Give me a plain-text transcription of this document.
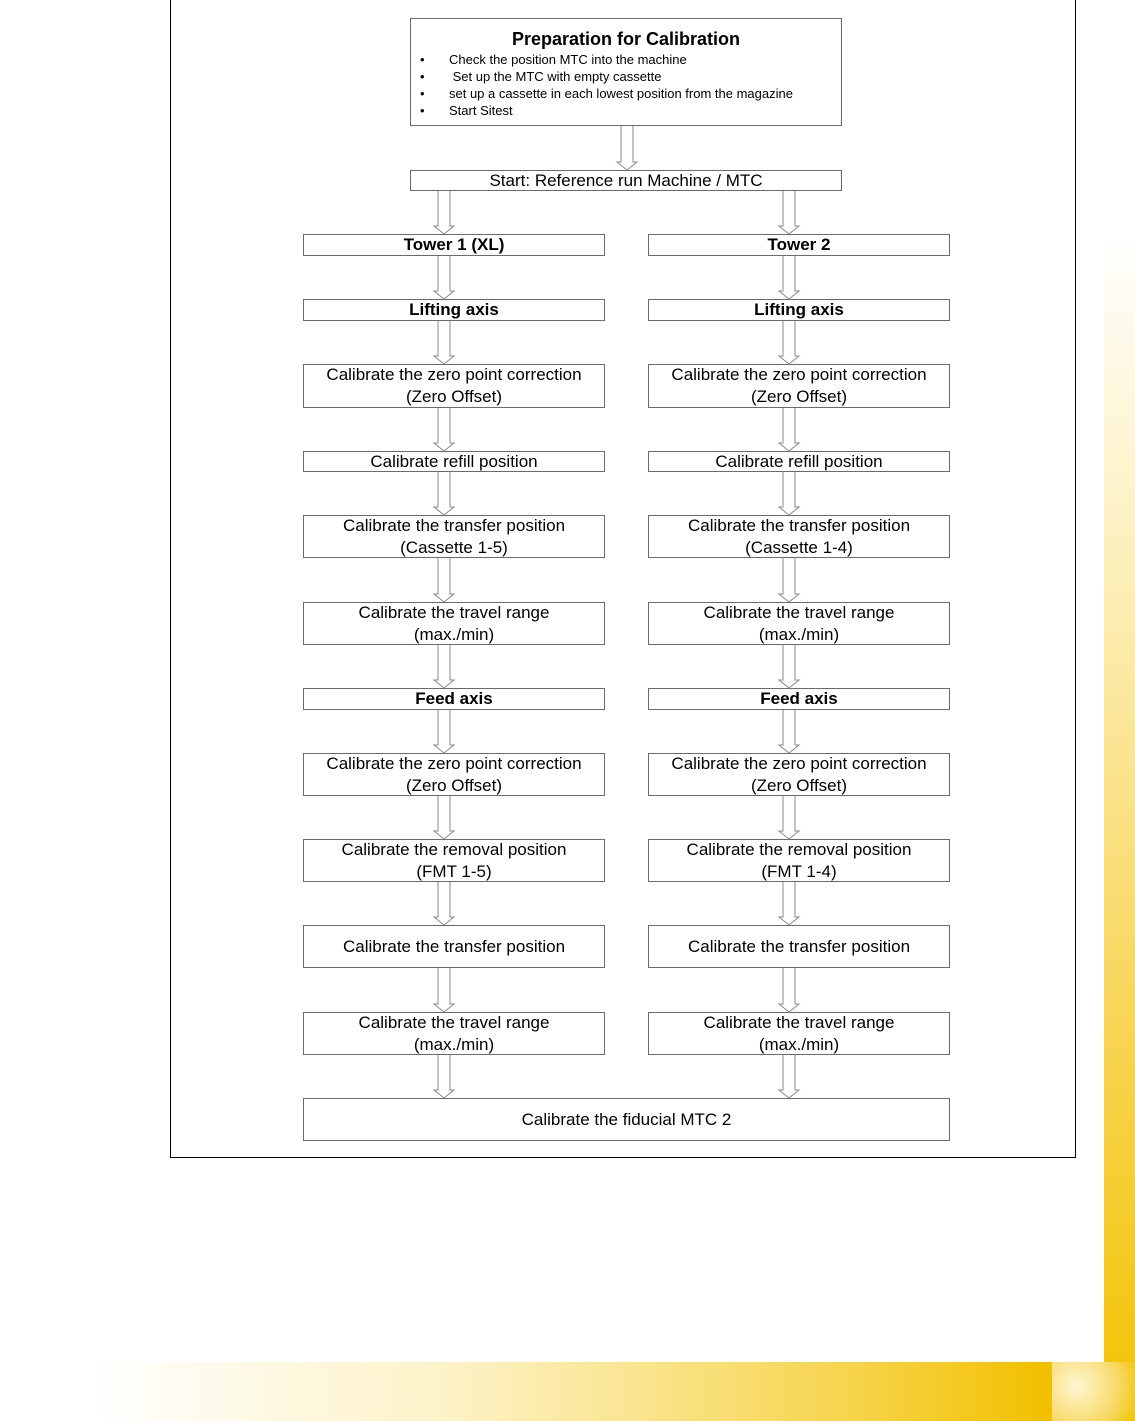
Preparation for Calibration
• Check the position MTC into the machine
• Set up the MTC with empty cassette
• set up a cassette in each lowest position from the magazine
• Start Sitest
Start: Reference run Machine / MTC
Tower 1 (XL)
Lifting axis
Calibrate the zero point correction
(Zero Offset)
Calibrate refill position
Calibrate the transfer position
(Cassette 1-5)
Calibrate the travel range
(max./min)
Feed axis
Calibrate the zero point correction
(Zero Offset)
Calibrate the removal position
(FMT 1-5)
Calibrate the transfer position
Calibrate the travel range
(max./min)
Tower 2
Lifting axis
Calibrate the zero point correction
(Zero Offset)
Calibrate refill position
Calibrate the transfer position
(Cassette 1-4)
Calibrate the travel range
(max./min)
Feed axis
Calibrate the zero point correction
(Zero Offset)
Calibrate the removal position
(FMT 1-4)
Calibrate the transfer position
Calibrate the travel range
(max./min)
Calibrate the fiducial MTC 2
